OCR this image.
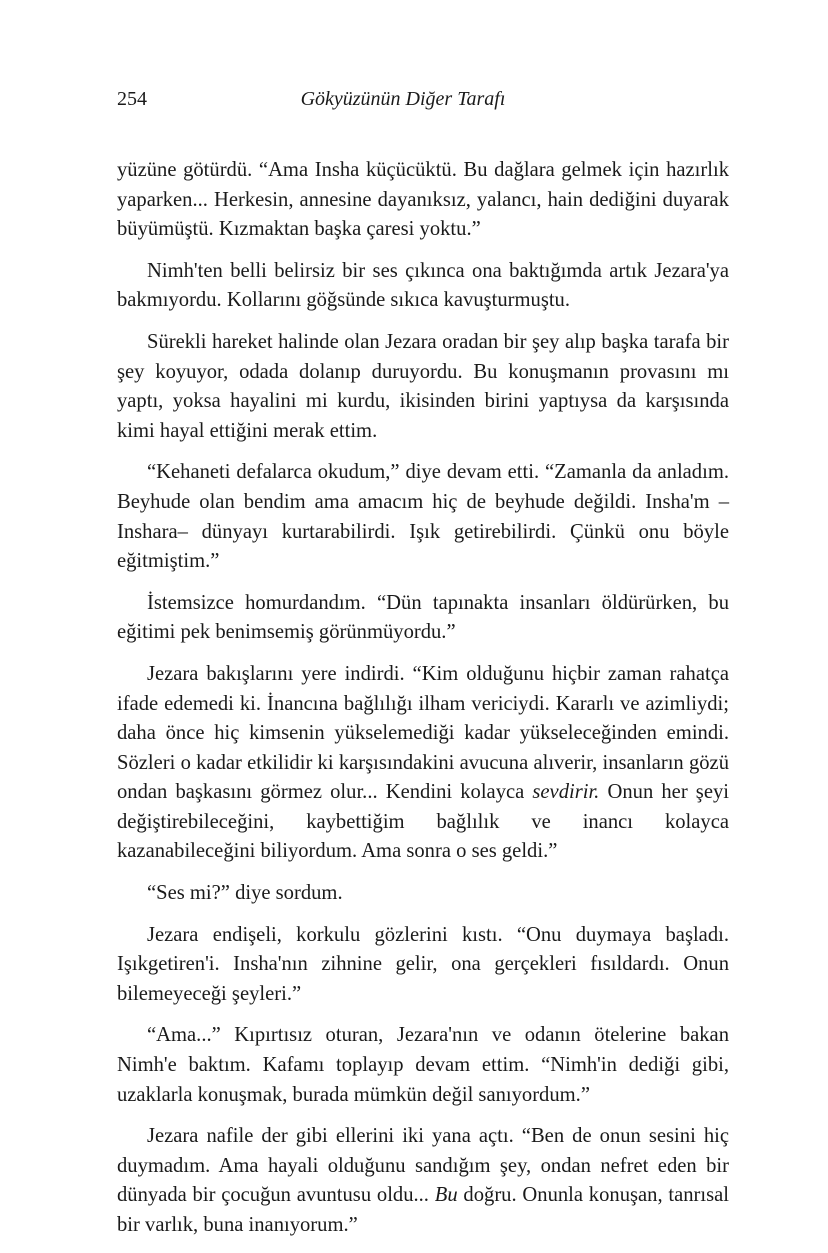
254	Gökyüzünün Diğer Tarafı

yüzüne götürdü. “Ama Insha küçücüktü. Bu dağlara gelmek için hazırlık yaparken... Herkesin, annesine dayanıksız, yalancı, hain dediğini duyarak büyümüştü. Kızmaktan başka çaresi yoktu.”

Nimh'ten belli belirsiz bir ses çıkınca ona baktığımda artık Jezara'ya bakmıyordu. Kollarını göğsünde sıkıca kavuşturmuştu.

Sürekli hareket halinde olan Jezara oradan bir şey alıp başka tarafa bir şey koyuyor, odada dolanıp duruyordu. Bu konuşmanın provasını mı yaptı, yoksa hayalini mi kurdu, ikisinden birini yaptıysa da karşısında kimi hayal ettiğini merak ettim.

“Kehaneti defalarca okudum,” diye devam etti. “Zamanla da anladım. Beyhude olan bendim ama amacım hiç de beyhude değildi. Insha'm –Inshara– dünyayı kurtarabilirdi. Işık getirebilirdi. Çünkü onu böyle eğitmiştim.”

İstemsizce homurdandım. “Dün tapınakta insanları öldürürken, bu eğitimi pek benimsemiş görünmüyordu.”

Jezara bakışlarını yere indirdi. “Kim olduğunu hiçbir zaman rahatça ifade edemedi ki. İnancına bağlılığı ilham vericiydi. Kararlı ve azimliydi; daha önce hiç kimsenin yükselemediği kadar yükseleceğinden emindi. Sözleri o kadar etkilidir ki karşısındakini avucuna alıverir, insanların gözü ondan başkasını görmez olur... Kendini kolayca sevdirir. Onun her şeyi değiştirebileceğini, kaybettiğim bağlılık ve inancı kolayca kazanabileceğini biliyordum. Ama sonra o ses geldi.”

“Ses mi?” diye sordum.

Jezara endişeli, korkulu gözlerini kıstı. “Onu duymaya başladı. Işıkgetiren'i. Insha'nın zihnine gelir, ona gerçekleri fısıldardı. Onun bilemeyeceği şeyleri.”

“Ama...” Kıpırtısız oturan, Jezara'nın ve odanın ötelerine bakan Nimh'e baktım. Kafamı toplayıp devam ettim. “Nimh'in dediği gibi, uzaklarla konuşmak, burada mümkün değil sanıyordum.”

Jezara nafile der gibi ellerini iki yana açtı. “Ben de onun sesini hiç duymadım. Ama hayali olduğunu sandığım şey, ondan nefret eden bir dünyada bir çocuğun avuntusu oldu... Bu doğru. Onunla konuşan, tanrısal bir varlık, buna inanıyorum.”
